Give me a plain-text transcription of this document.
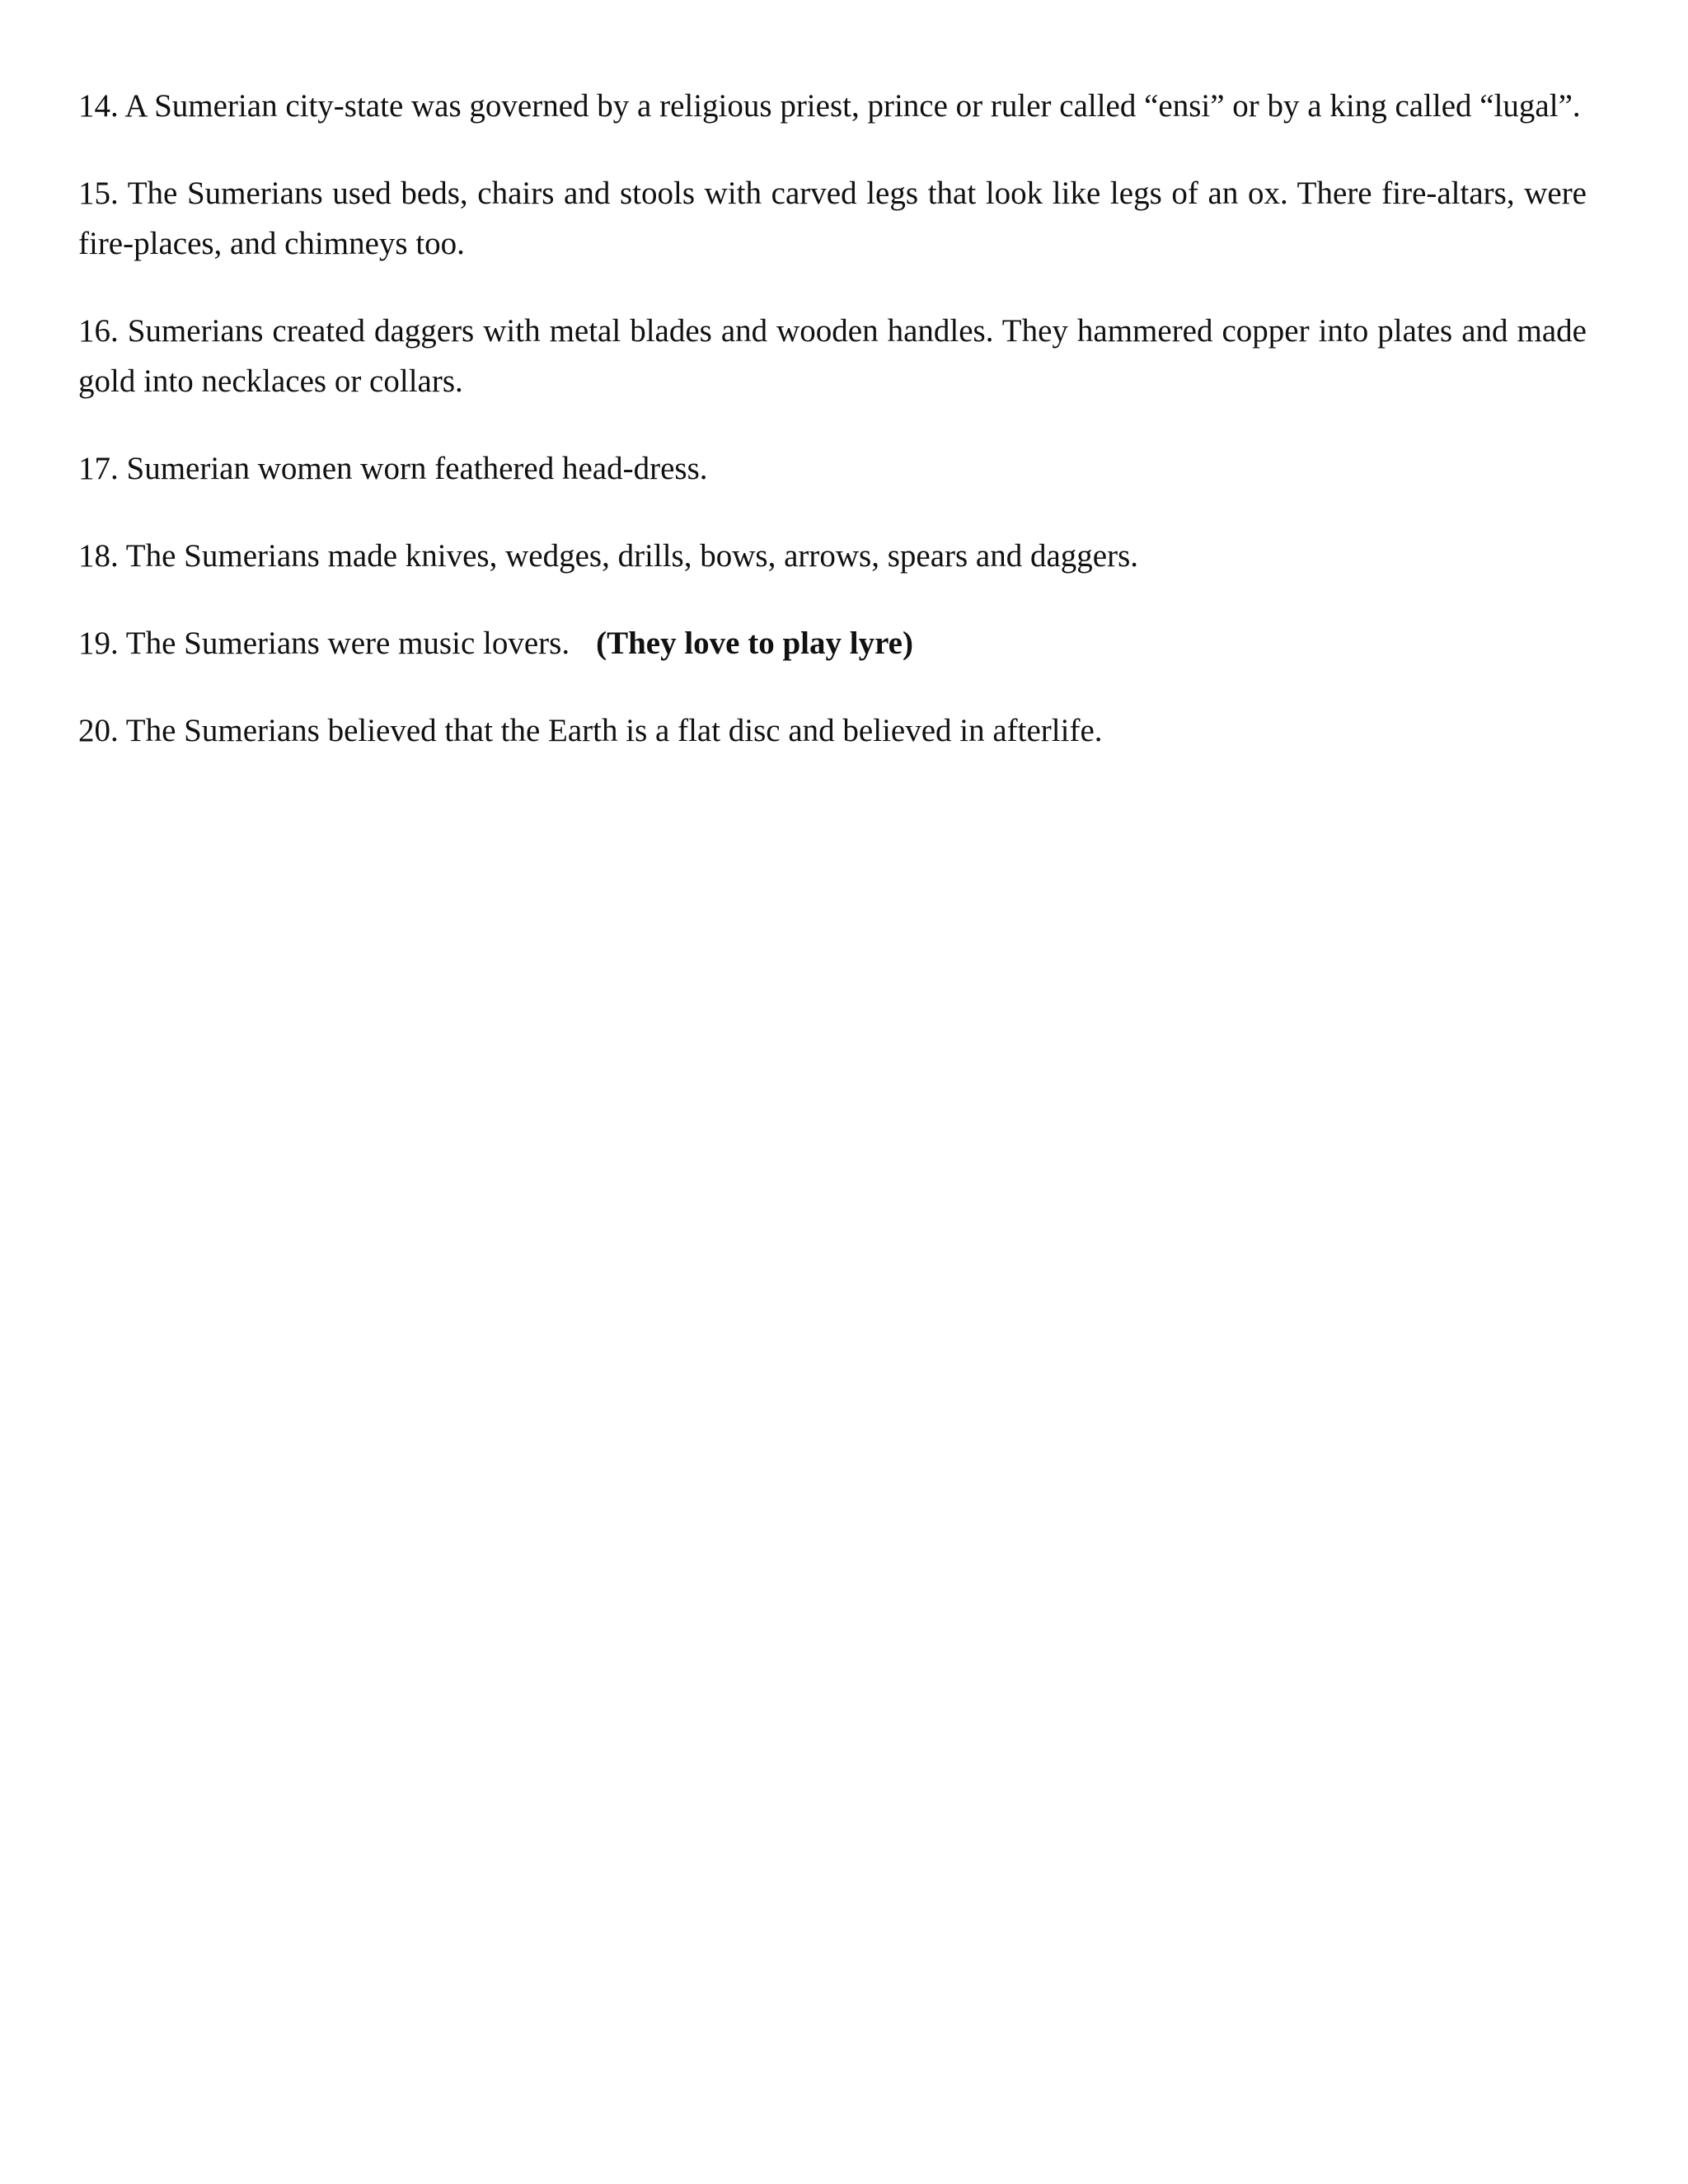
14. A Sumerian city-state was governed by a religious priest, prince or ruler called “ensi” or by a king called “lugal”.

15. The Sumerians used beds, chairs and stools with carved legs that look like legs of an ox. There fire-altars, were fire-places, and chimneys too.

16. Sumerians created daggers with metal blades and wooden handles. They hammered copper into plates and made gold into necklaces or collars.

17. Sumerian women worn feathered head-dress.

18. The Sumerians made knives, wedges, drills, bows, arrows, spears and daggers.

19. The Sumerians were music lovers. (They love to play lyre)

20. The Sumerians believed that the Earth is a flat disc and believed in afterlife.
